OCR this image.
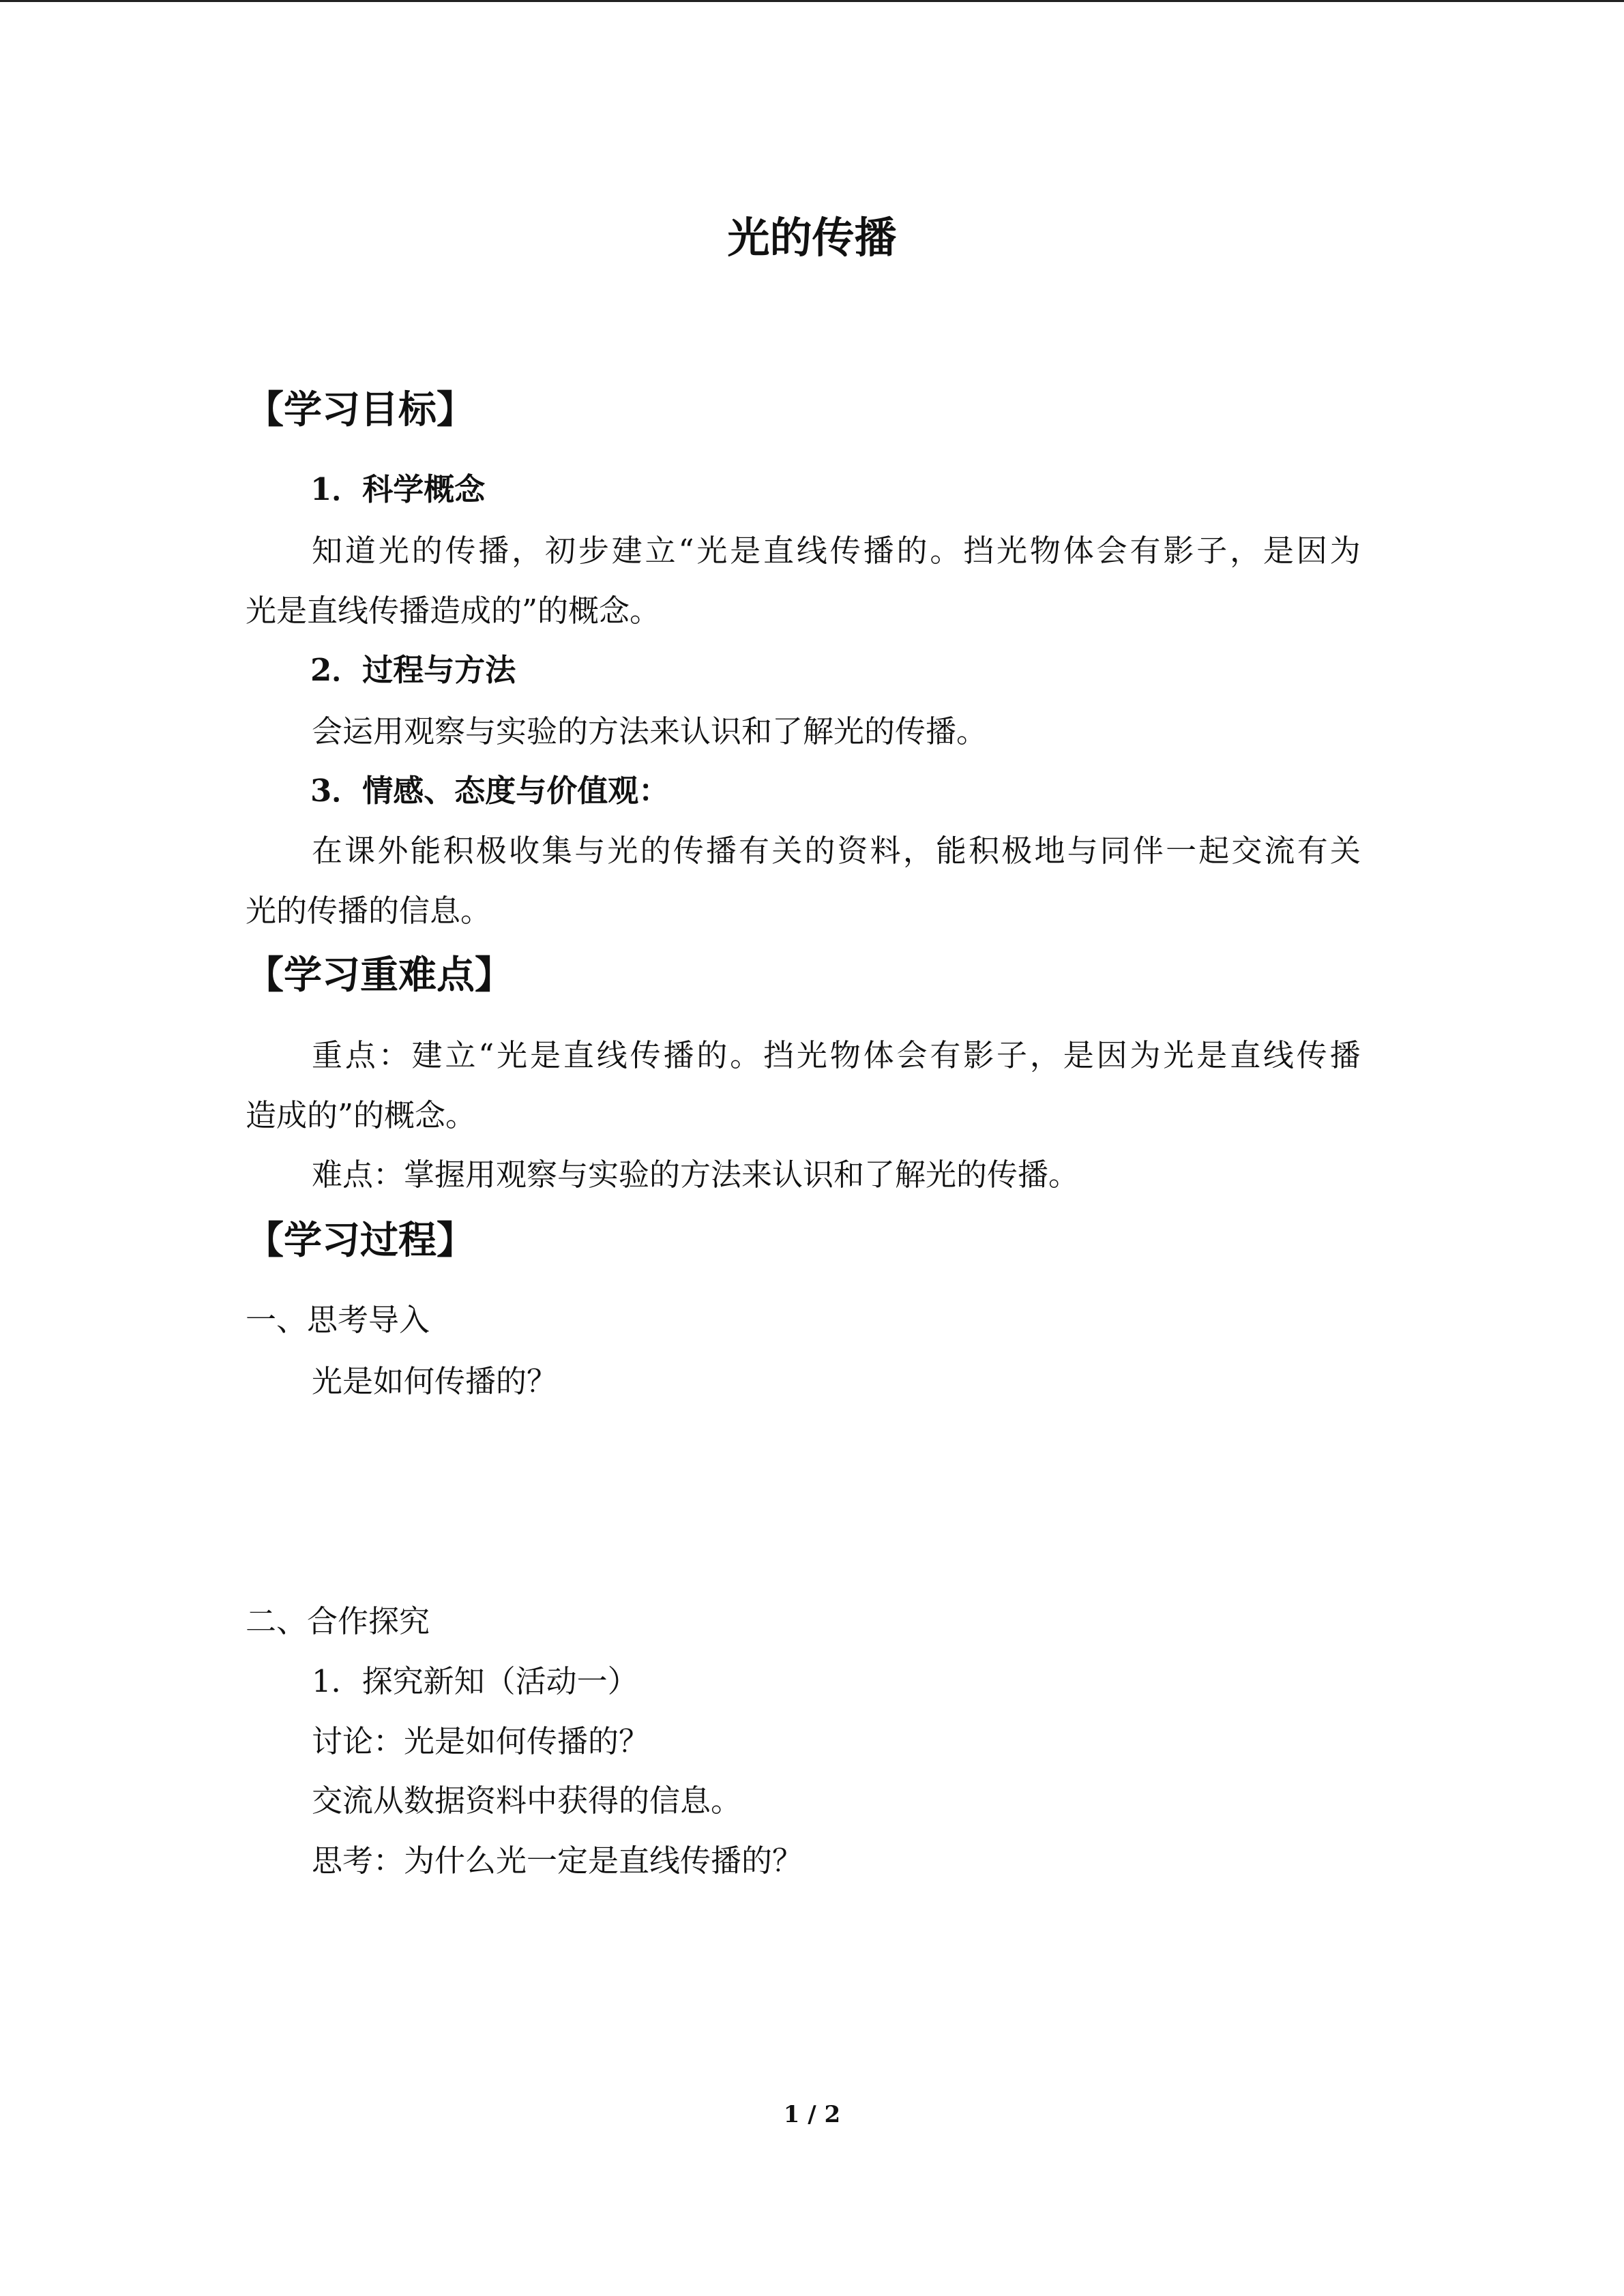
光的传播
【学习目标】
1．科学概念
知 道 光 的 传 播 ， 初 步 建 立 “ 光 是 直 线 传 播 的 。 挡 光 物 体 会 有 影 子 ， 是 因 为
光是直线传播造成的”的概念。
2．过程与方法
会运用观察与实验的方法来认识和了解光的传播。
3．情感、态度与价值观：
在 课 外 能 积 极 收 集 与 光 的 传 播 有 关 的 资 料 ， 能 积 极 地 与 同 伴 一 起 交 流 有 关
光的传播的信息。
【学习重难点】
重 点 ： 建 立 “ 光 是 直 线 传 播 的 。 挡 光 物 体 会 有 影 子 ， 是 因 为 光 是 直 线 传 播
造成的”的概念。
难点：掌握用观察与实验的方法来认识和了解光的传播。
【学习过程】
一、思考导入
光是如何传播的？
二、合作探究
1．探究新知（活动一）
讨论：光是如何传播的？
交流从数据资料中获得的信息。
思考：为什么光一定是直线传播的？
1 / 2
